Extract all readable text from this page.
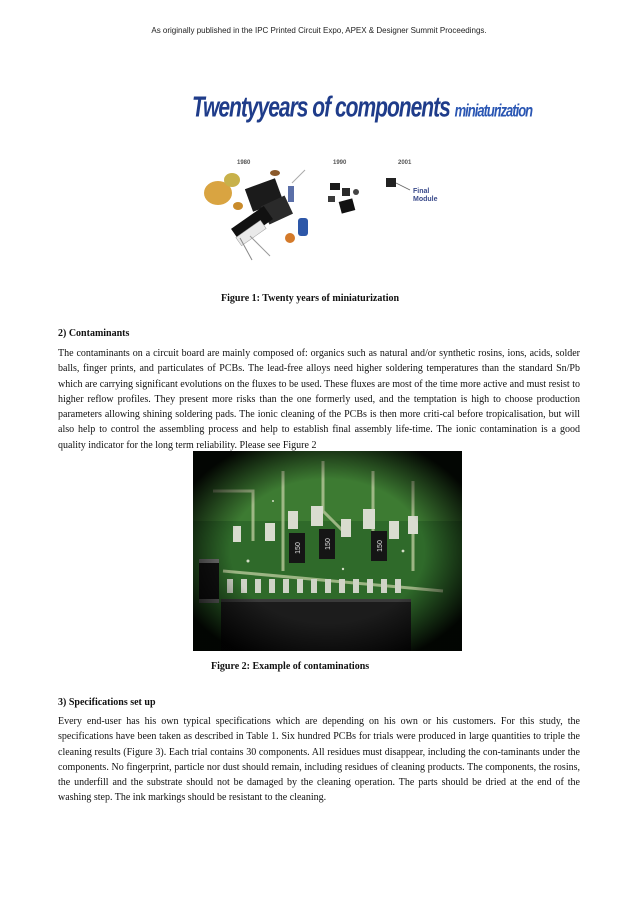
As originally published in the IPC Printed Circuit Expo, APEX & Designer Summit Proceedings.
Twentyyears of components miniaturization
1980	1990	2001
Final Module
Figure 1: Twenty years of miniaturization
2) Contaminants

The contaminants on a circuit board are mainly composed of: organics such as natural and/or synthetic rosins, ions, acids, solder balls, finger prints, and particulates of PCBs. The lead-free alloys need higher soldering temperatures than the standard Sn/Pb which are carrying significant evolutions on the fluxes to be used. These fluxes are most of the time more active and must resist to higher reflow profiles. They present more risks than the one formerly used, and the temptation is high to choose production parameters allowing shining soldering pads. The ionic cleaning of the PCBs is then more criti-cal before tropicalisation, but will also help to control the assembling process and help to establish final assembly life-time. The ionic contamination is a good quality indicator for the long term reliability. Please see Figure 2

Figure 2: Example of contaminations
3) Specifications set up

Every end-user has his own typical specifications which are depending on his own or his customers. For this study, the specifications have been taken as described in Table 1. Six hundred PCBs for trials were produced in large quantities to triple the cleaning results (Figure 3). Each trial contains 30 components. All residues must disappear, including the con-taminants under the components. No fingerprint, particle nor dust should remain, including residues of cleaning products. The components, the rosins, the underfill and the substrate should not be damaged by the cleaning operation. The parts should be dried at the end of the washing step. The ink markings should be resistant to the cleaning.
